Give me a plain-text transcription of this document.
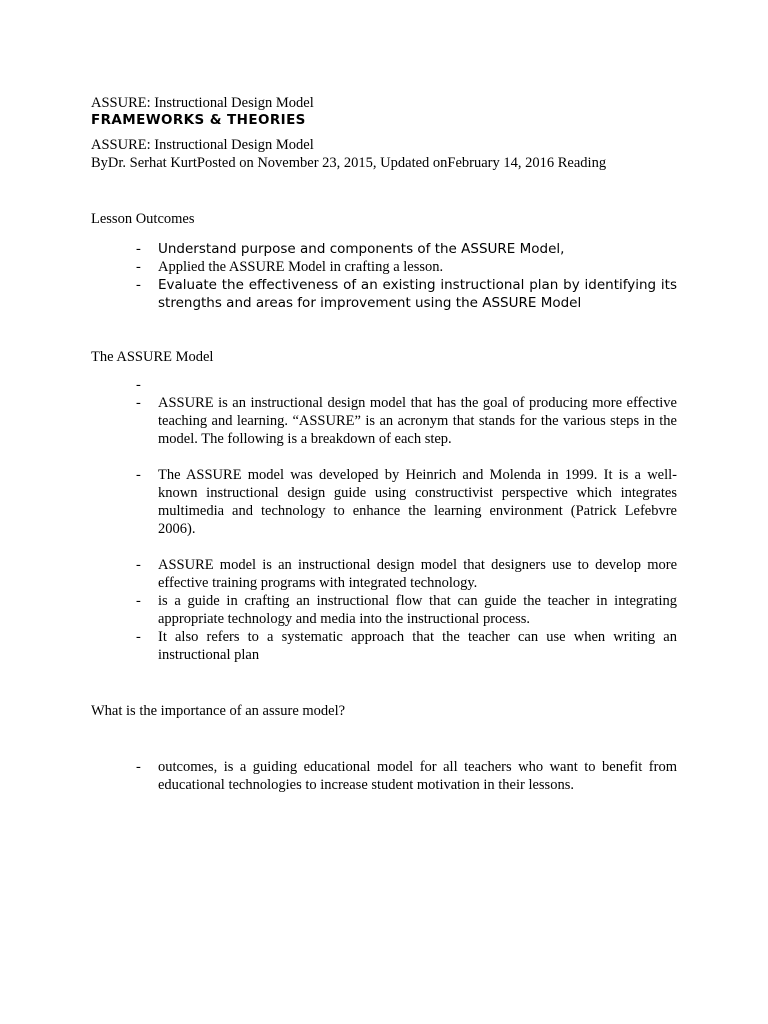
ASSURE: Instructional Design Model
FRAMEWORKS & THEORIES
ASSURE: Instructional Design Model
ByDr. Serhat KurtPosted on November 23, 2015, Updated onFebruary 14, 2016 Reading
Lesson Outcomes
- Understand purpose and components of the ASSURE Model,
- Applied the ASSURE Model in crafting a lesson.
- Evaluate the effectiveness of an existing instructional plan by identifying its strengths and areas for improvement using the ASSURE Model
The ASSURE Model
-

- ASSURE is an instructional design model that has the goal of producing more effective teaching and learning. “ASSURE” is an acronym that stands for the various steps in the model. The following is a breakdown of each step.
- The ASSURE model was developed by Heinrich and Molenda in 1999. It is a well-known instructional design guide using constructivist perspective which integrates multimedia and technology to enhance the learning environment (Patrick Lefebvre 2006).
- ASSURE model is an instructional design model that designers use to develop more effective training programs with integrated technology.
- is a guide in crafting an instructional flow that can guide the teacher in integrating appropriate technology and media into the instructional process.
- It also refers to a systematic approach that the teacher can use when writing an instructional plan
What is the importance of an assure model?
- outcomes, is a guiding educational model for all teachers who want to benefit from educational technologies to increase student motivation in their lessons.
